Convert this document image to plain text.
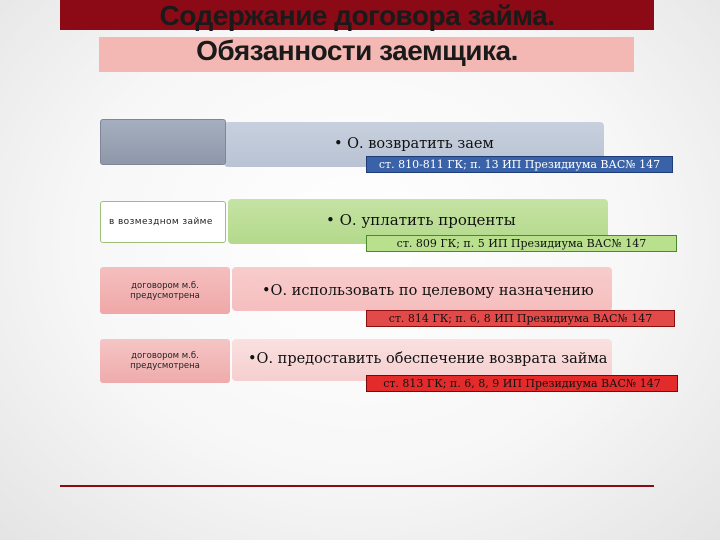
Содержание договора займа.
Обязанности заемщика.
• О. возвратить заем
ст. 810-811 ГК; п. 13 ИП Президиума ВАС№ 147
• О. уплатить проценты
в возмездном займе
ст. 809 ГК; п. 5 ИП Президиума ВАС№ 147
•О. использовать по целевому назначению
договором м.б. предусмотрена
ст. 814 ГК; п. 6, 8 ИП Президиума ВАС№ 147
•О. предоставить обеспечение возврата займа
договором м.б. предусмотрена
ст. 813 ГК; п. 6, 8, 9 ИП Президиума ВАС№ 147
